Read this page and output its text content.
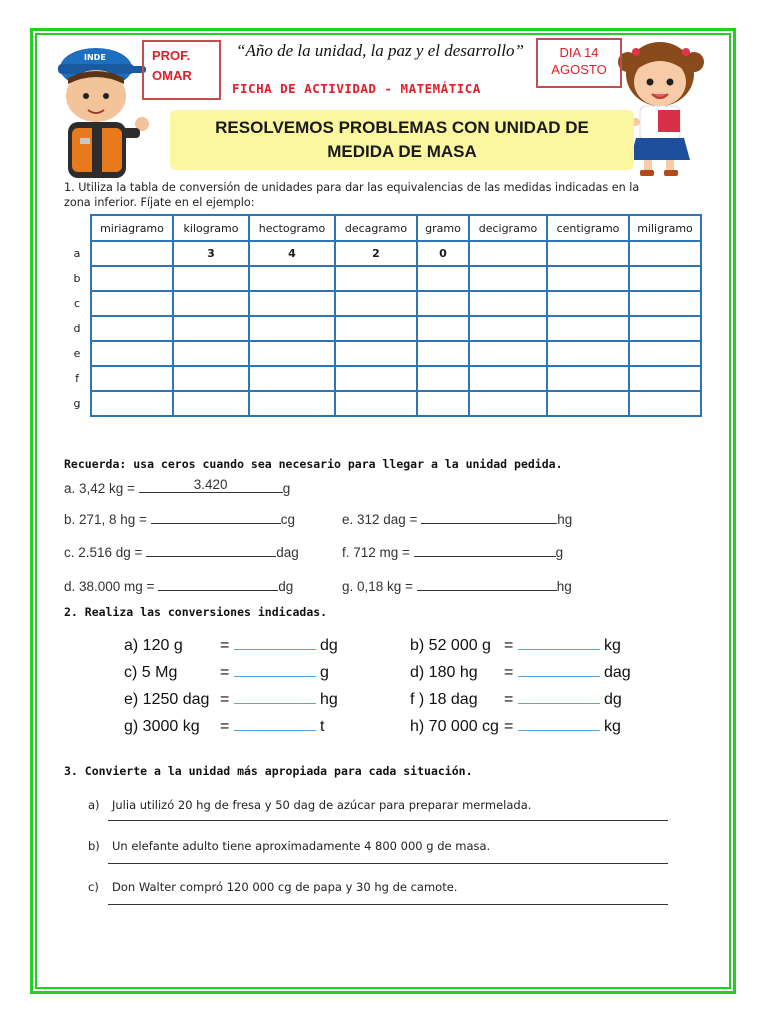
INDE	PROF.
OMAR
“Año de la unidad, la paz y el desarrollo”	DIA 14
AGOSTO
FICHA DE ACTIVIDAD - MATEMÁTICA
RESOLVEMOS PROBLEMAS CON UNIDAD DE
MEDIDA DE MASA
1. Utiliza la tabla de conversión de unidades para dar las equivalencias de las medidas indicadas en la
zona inferior. Fíjate en el ejemplo:
	miriagramo	kilogramo	hectogramo	decagramo	gramo	decigramo	centigramo	miligramo
a		3	4	2	0			
b								
c								
d								
e								
f								
g								
Recuerda: usa ceros cuando sea necesario para llegar a la unidad pedida.
a. 3,42 kg =	3.420	g
b. 271, 8 hg =	cg
c. 2.516 dg =	dag
d. 38.000 mg =	dg
e. 312 dag =	hg
f. 712 mg =	g
g. 0,18 kg =	hg
2. Realiza las conversiones indicadas.
a) 120 g =	dg	b) 52 000 g =	kg
c) 5 Mg	=	g	d) 180 hg =	dag
e) 1250 dag =	hg	f ) 18 dag =	dg
g) 3000 kg =	t	h) 70 000 cg =	kg
3. Convierte a la unidad más apropiada para cada situación.
a) Julia utilizó 20 hg de fresa y 50 dag de azúcar para preparar mermelada.
b) Un elefante adulto tiene aproximadamente 4 800 000 g de masa.
c) Don Walter compró 120 000 cg de papa y 30 hg de camote.
